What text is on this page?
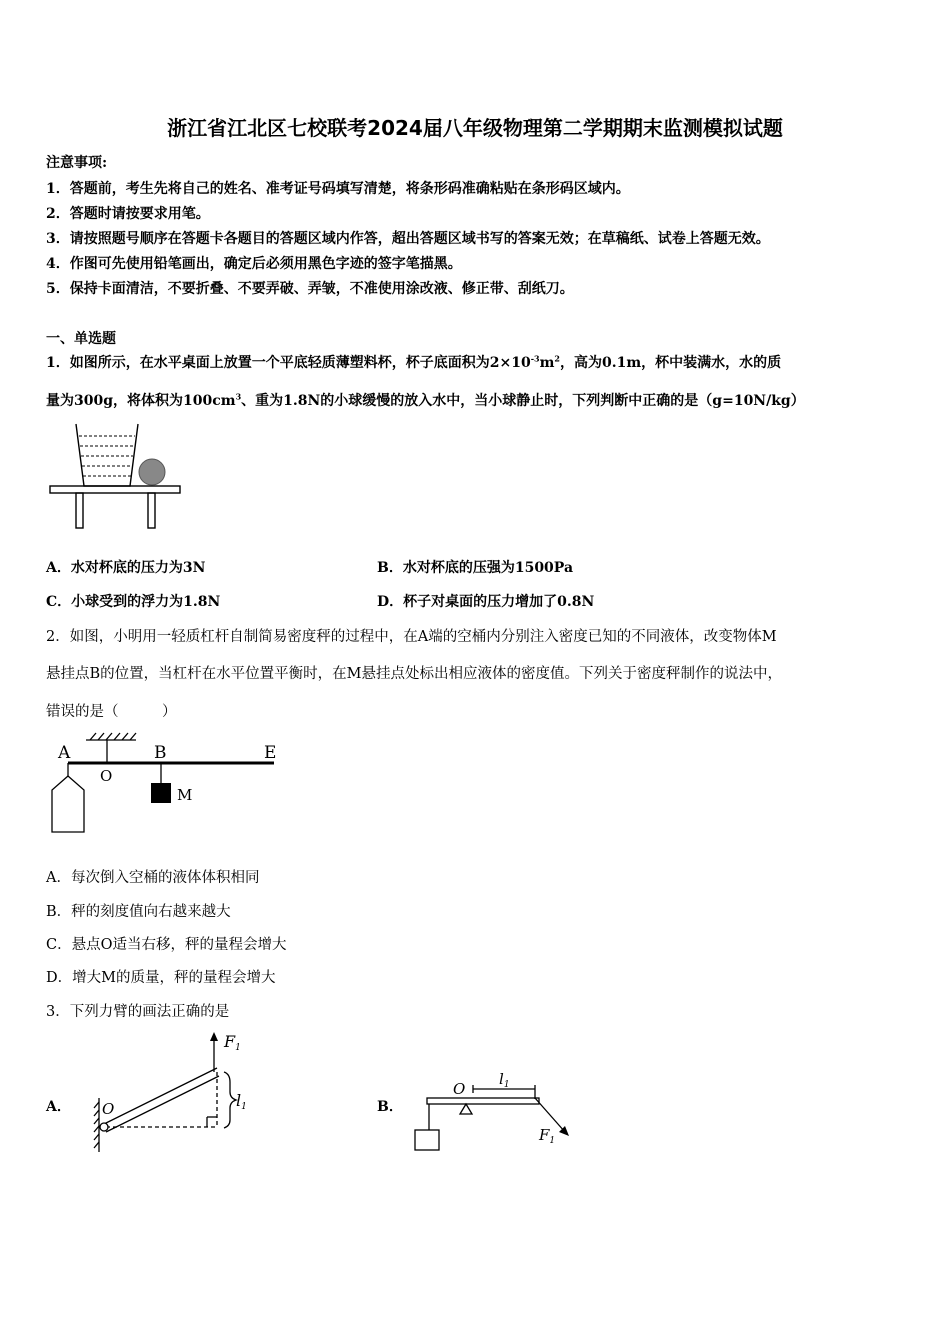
浙江省江北区七校联考2024届八年级物理第二学期期末监测模拟试题
注意事项:
1．答题前，考生先将自己的姓名、准考证号码填写清楚，将条形码准确粘贴在条形码区域内。
2．答题时请按要求用笔。
3．请按照题号顺序在答题卡各题目的答题区域内作答，超出答题区域书写的答案无效；在草稿纸、试卷上答题无效。
4．作图可先使用铅笔画出，确定后必须用黑色字迹的签字笔描黑。
5．保持卡面清洁，不要折叠、不要弄破、弄皱，不准使用涂改液、修正带、刮纸刀。
一、单选题
1．如图所示，在水平桌面上放置一个平底轻质薄塑料杯，杯子底面积为$2\times 10^{-3}m^2$，高为0.1m，杯中装满水，水的质
量为300g，将体积为$100cm^3$、重为1.8N的小球缓慢的放入水中，当小球静止时，下列判断中正确的是（g=10N/kg）
A．水对杯底的压力为3N	B．水对杯底的压强为1500Pa
C．小球受到的浮力为1.8N	D．杯子对桌面的压力增加了0.8N
2．如图，小明用一轻质杠杆自制简易密度秤的过程中，在A端的空桶内分别注入密度已知的不同液体，改变物体M
悬挂点B的位置，当杠杆在水平位置平衡时，在M悬挂点处标出相应液体的密度值。下列关于密度秤制作的说法中，
错误的是（　　　）
A
O
B	E
M
A．每次倒入空桶的液体体积相同
B．秤的刻度值向右越来越大
C．悬点O适当右移，秤的量程会增大
D．增大M的质量，秤的量程会增大
3．下列力臂的画法正确的是
A．	B．
F1
O	l1
O
$l_1$
$F_1$
